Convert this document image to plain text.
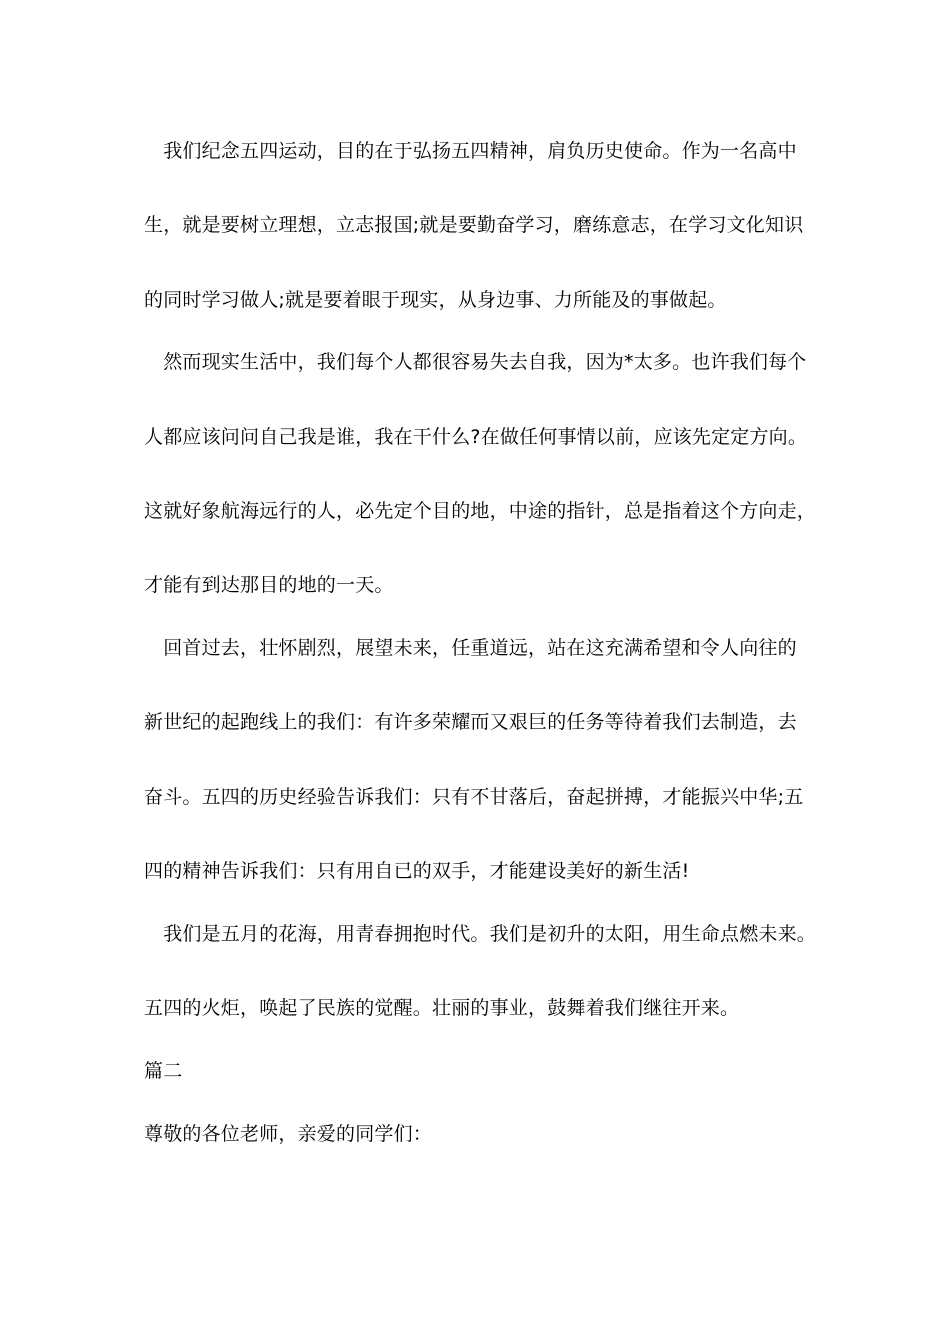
　我们纪念五四运动，目的在于弘扬五四精神，肩负历史使命。作为一名高中
生，就是要树立理想，立志报国;就是要勤奋学习，磨练意志，在学习文化知识
的同时学习做人;就是要着眼于现实，从身边事、力所能及的事做起。
　然而现实生活中，我们每个人都很容易失去自我，因为*太多。也许我们每个
人都应该问问自己我是谁，我在干什么?在做任何事情以前，应该先定定方向。
这就好象航海远行的人，必先定个目的地，中途的指针，总是指着这个方向走，
才能有到达那目的地的一天。
　回首过去，壮怀剧烈，展望未来，任重道远，站在这充满希望和令人向往的
新世纪的起跑线上的我们：有许多荣耀而又艰巨的任务等待着我们去制造，去
奋斗。五四的历史经验告诉我们：只有不甘落后，奋起拼搏，才能振兴中华;五
四的精神告诉我们：只有用自已的双手，才能建设美好的新生活!
　我们是五月的花海，用青春拥抱时代。我们是初升的太阳，用生命点燃未来。
五四的火炬，唤起了民族的觉醒。壮丽的事业，鼓舞着我们继往开来。
篇二
尊敬的各位老师，亲爱的同学们：
